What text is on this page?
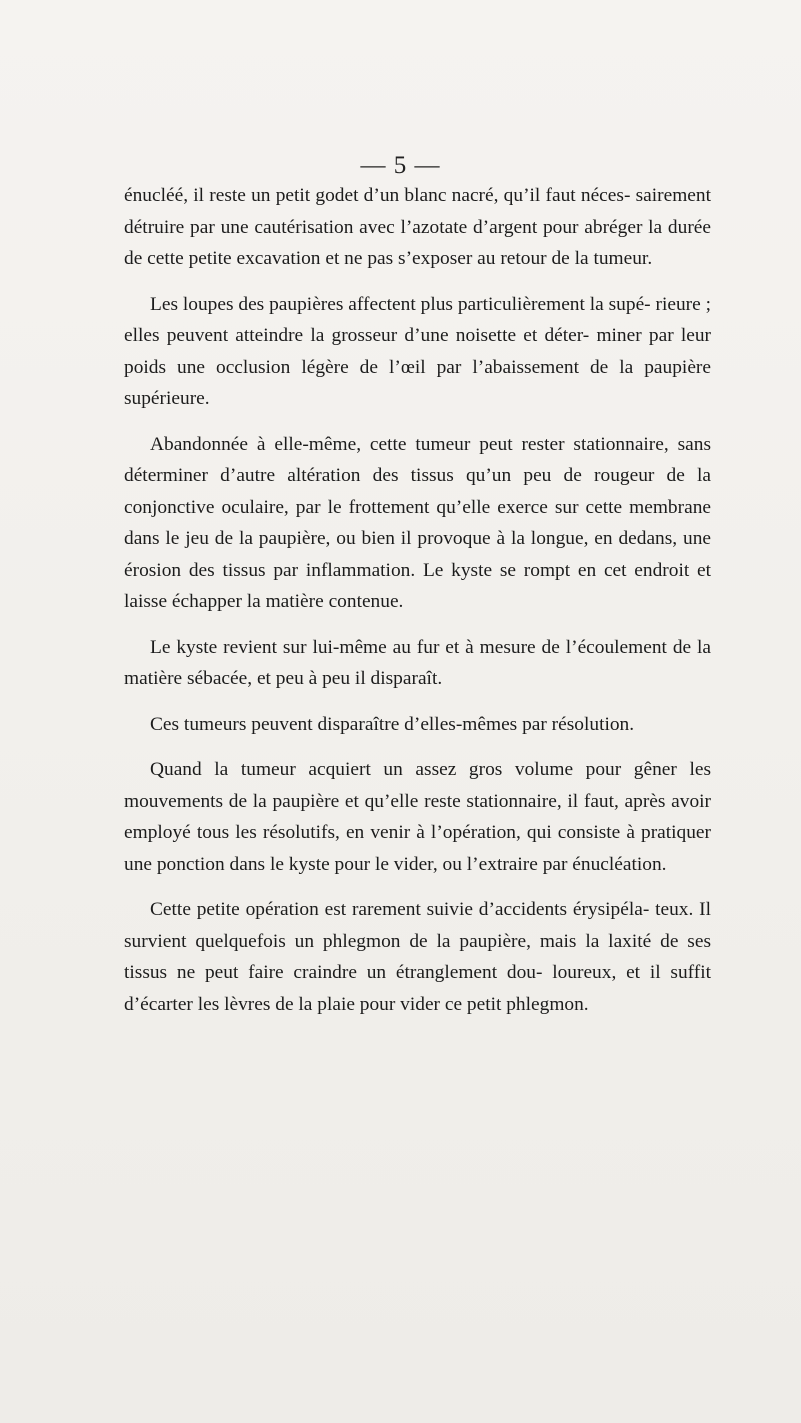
— 5 —

énucléé, il reste un petit godet d’un blanc nacré, qu’il faut néces- sairement détruire par une cautérisation avec l’azotate d’argent pour abréger la durée de cette petite excavation et ne pas s’exposer au retour de la tumeur.

Les loupes des paupières affectent plus particulièrement la supé- rieure ; elles peuvent atteindre la grosseur d’une noisette et déter- miner par leur poids une occlusion légère de l’œil par l’abaissement de la paupière supérieure.

Abandonnée à elle-même, cette tumeur peut rester stationnaire, sans déterminer d’autre altération des tissus qu’un peu de rougeur de la conjonctive oculaire, par le frottement qu’elle exerce sur cette membrane dans le jeu de la paupière, ou bien il provoque à la longue, en dedans, une érosion des tissus par inflammation. Le kyste se rompt en cet endroit et laisse échapper la matière contenue.

Le kyste revient sur lui-même au fur et à mesure de l’écoulement de la matière sébacée, et peu à peu il disparaît.

Ces tumeurs peuvent disparaître d’elles-mêmes par résolution.

Quand la tumeur acquiert un assez gros volume pour gêner les mouvements de la paupière et qu’elle reste stationnaire, il faut, après avoir employé tous les résolutifs, en venir à l’opération, qui consiste à pratiquer une ponction dans le kyste pour le vider, ou l’extraire par énucléation.

Cette petite opération est rarement suivie d’accidents érysipéla- teux. Il survient quelquefois un phlegmon de la paupière, mais la laxité de ses tissus ne peut faire craindre un étranglement dou- loureux, et il suffit d’écarter les lèvres de la plaie pour vider ce petit phlegmon.
